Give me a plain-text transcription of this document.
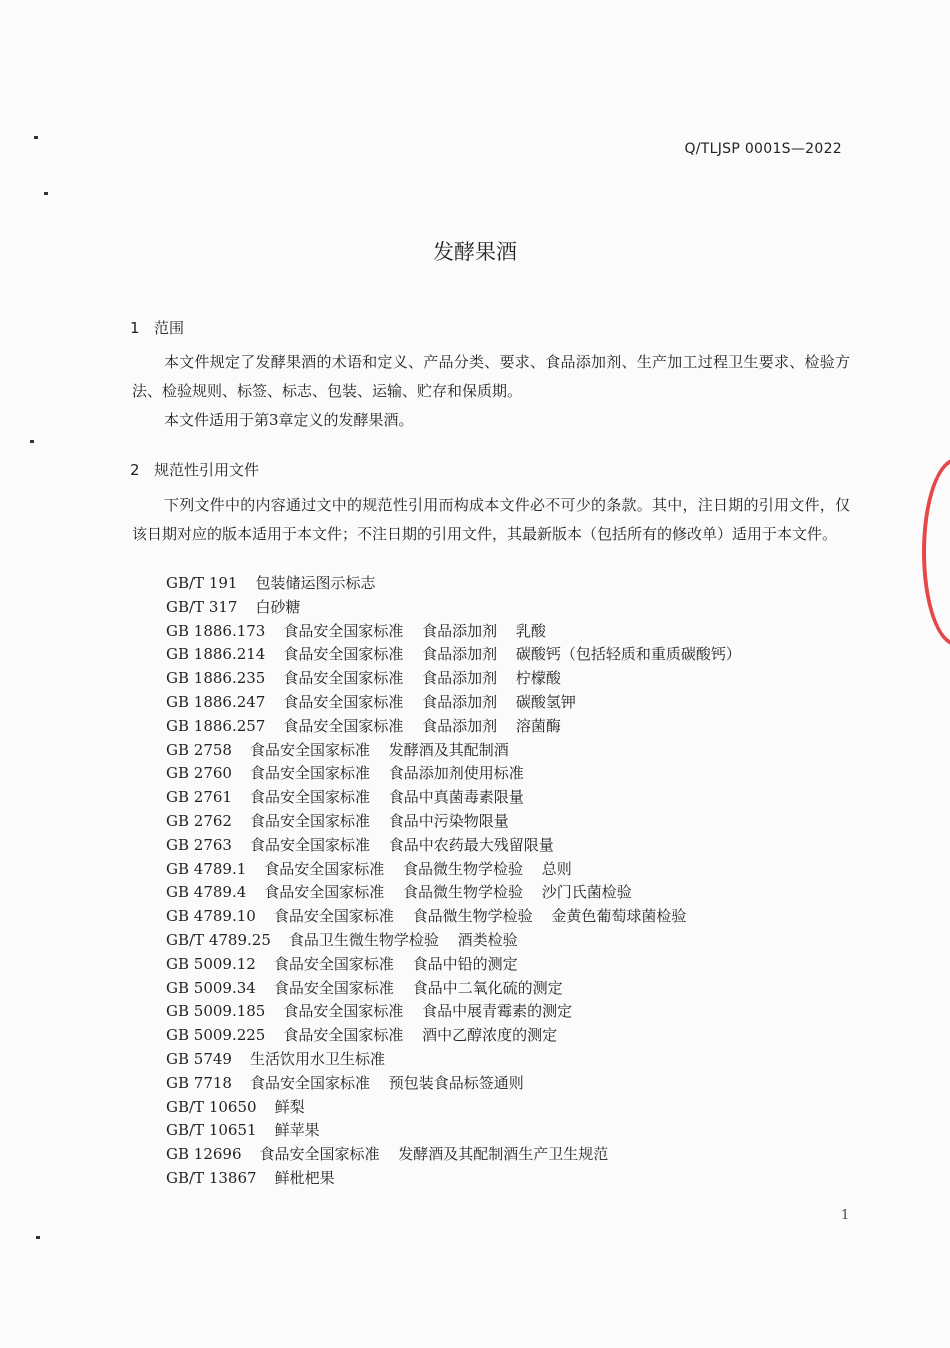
Q/TLJSP 0001S—2022
发酵果酒
1 范围

本文件规定了发酵果酒的术语和定义、产品分类、要求、食品添加剂、生产加工过程卫生要求、检验方法、检验规则、标签、标志、包装、运输、贮存和保质期。

本文件适用于第3章定义的发酵果酒。

2 规范性引用文件

下列文件中的内容通过文中的规范性引用而构成本文件必不可少的条款。其中，注日期的引用文件，仅该日期对应的版本适用于本文件；不注日期的引用文件，其最新版本（包括所有的修改单）适用于本文件。

GB/T 191 包装储运图示标志
GB/T 317 白砂糖
GB 1886.173 食品安全国家标准 食品添加剂 乳酸
GB 1886.214 食品安全国家标准 食品添加剂 碳酸钙（包括轻质和重质碳酸钙）
GB 1886.235 食品安全国家标准 食品添加剂 柠檬酸
GB 1886.247 食品安全国家标准 食品添加剂 碳酸氢钾
GB 1886.257 食品安全国家标准 食品添加剂 溶菌酶
GB 2758 食品安全国家标准 发酵酒及其配制酒
GB 2760 食品安全国家标准 食品添加剂使用标准
GB 2761 食品安全国家标准 食品中真菌毒素限量
GB 2762 食品安全国家标准 食品中污染物限量
GB 2763 食品安全国家标准 食品中农药最大残留限量
GB 4789.1 食品安全国家标准 食品微生物学检验 总则
GB 4789.4 食品安全国家标准 食品微生物学检验 沙门氏菌检验
GB 4789.10 食品安全国家标准 食品微生物学检验 金黄色葡萄球菌检验
GB/T 4789.25 食品卫生微生物学检验 酒类检验
GB 5009.12 食品安全国家标准 食品中铅的测定
GB 5009.34 食品安全国家标准 食品中二氧化硫的测定
GB 5009.185 食品安全国家标准 食品中展青霉素的测定
GB 5009.225 食品安全国家标准 酒中乙醇浓度的测定
GB 5749 生活饮用水卫生标准
GB 7718 食品安全国家标准 预包装食品标签通则
GB/T 10650 鲜梨
GB/T 10651 鲜苹果
GB 12696 食品安全国家标准 发酵酒及其配制酒生产卫生规范
GB/T 13867 鲜枇杷果
1
